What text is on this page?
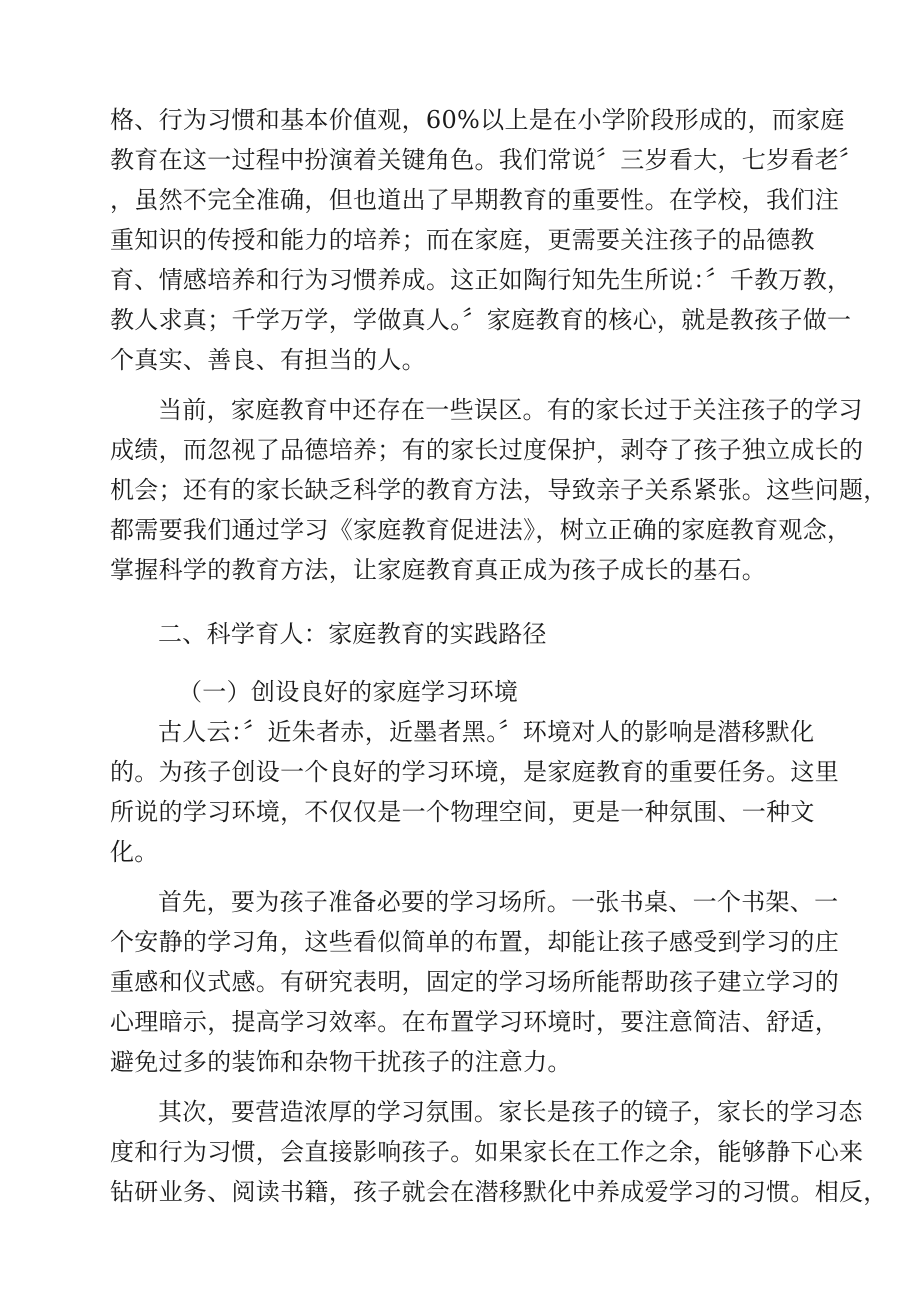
格、行为习惯和基本价值观，60%以上是在小学阶段形成的，而家庭
教育在这一过程中扮演着关键角色。我们常说〞三岁看大，七岁看老〞
，虽然不完全准确，但也道出了早期教育的重要性。在学校，我们注
重知识的传授和能力的培养；而在家庭，更需要关注孩子的品德教
育、情感培养和行为习惯养成。这正如陶行知先生所说：〞千教万教，
教人求真；千学万学，学做真人。〞家庭教育的核心，就是教孩子做一
个真实、善良、有担当的人。
当前，家庭教育中还存在一些误区。有的家长过于关注孩子的学习
成绩，而忽视了品德培养；有的家长过度保护，剥夺了孩子独立成长的
机会；还有的家长缺乏科学的教育方法，导致亲子关系紧张。这些问题，
都需要我们通过学习《家庭教育促进法》，树立正确的家庭教育观念，
掌握科学的教育方法，让家庭教育真正成为孩子成长的基石。
二、科学育人：家庭教育的实践路径
（一）创设良好的家庭学习环境
古人云：〞近朱者赤，近墨者黑。〞环境对人的影响是潜移默化
的。为孩子创设一个良好的学习环境，是家庭教育的重要任务。这里
所说的学习环境，不仅仅是一个物理空间，更是一种氛围、一种文
化。
首先，要为孩子准备必要的学习场所。一张书桌、一个书架、一
个安静的学习角，这些看似简单的布置，却能让孩子感受到学习的庄
重感和仪式感。有研究表明，固定的学习场所能帮助孩子建立学习的
心理暗示，提高学习效率。在布置学习环境时，要注意简洁、舒适，
避免过多的装饰和杂物干扰孩子的注意力。
其次，要营造浓厚的学习氛围。家长是孩子的镜子，家长的学习态
度和行为习惯，会直接影响孩子。如果家长在工作之余，能够静下心来
钻研业务、阅读书籍，孩子就会在潜移默化中养成爱学习的习惯。相反，
